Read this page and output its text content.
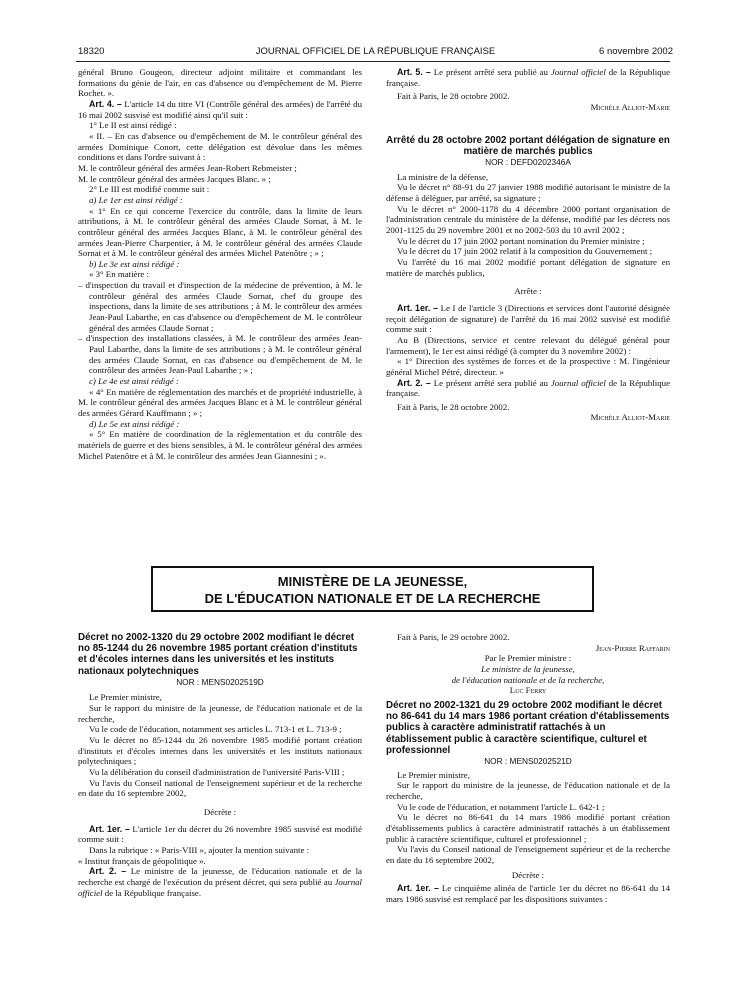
18320	JOURNAL OFFICIEL DE LA RÉPUBLIQUE FRANÇAISE	6 novembre 2002

général Bruno Gougeon, directeur adjoint militaire et commandant les formations du génie de l'air, en cas d'absence ou d'empêchement de M. Pierre Rochet. ».

Art. 4. – L'article 14 du titre VI (Contrôle général des armées) de l'arrêté du 16 mai 2002 susvisé est modifié ainsi qu'il suit :

1° Le II est ainsi rédigé :

« II. – En cas d'absence ou d'empêchement de M. le contrôleur général des armées Dominique Conort, cette délégation est dévolue dans les mêmes conditions et dans l'ordre suivant à :

M. le contrôleur général des armées Jean-Robert Rebmeister ;

M. le contrôleur général des armées Jacques Blanc. » ;

2° Le III est modifié comme suit :

a) Le 1er est ainsi rédigé :

« 1° En ce qui concerne l'exercice du contrôle, dans la limite de leurs attributions, à M. le contrôleur général des armées Claude Sornat, à M. le contrôleur général des armées Jacques Blanc, à M. le contrôleur général des armées Jean-Pierre Charpentier, à M. le contrôleur général des armées Claude Sornat et à M. le contrôleur général des armées Michel Patenôtre ; » ;

b) Le 3e est ainsi rédigé :

« 3° En matière :

– d'inspection du travail et d'inspection de la médecine de prévention, à M. le contrôleur général des armées Claude Sornat, chef du groupe des inspections, dans la limite de ses attributions ; à M. le contrôleur des armées Jean-Paul Labarthe, en cas d'absence ou d'empêchement de M. le contrôleur général des armées Claude Sornat ;

– d'inspection des installations classées, à M. le contrôleur des armées Jean-Paul Labarthe, dans la limite de ses attributions ; à M. le contrôleur général des armées Claude Sornat, en cas d'absence ou d'empêchement de M. le contrôleur des armées Jean-Paul Labarthe ; » ;

c) Le 4e est ainsi rédigé :

« 4° En matière de réglementation des marchés et de propriété industrielle, à M. le contrôleur général des armées Jacques Blanc et à M. le contrôleur général des armées Gérard Kauffmann ; » ;

d) Le 5e est ainsi rédigé :

« 5° En matière de coordination de la réglementation et du contrôle des matériels de guerre et des biens sensibles, à M. le contrôleur général des armées Michel Patenôtre et à M. le contrôleur des armées Jean Giannesini ; ».

Art. 5. – Le présent arrêté sera publié au Journal officiel de la République française.

Fait à Paris, le 28 octobre 2002.

Michèle Alliot-Marie

Arrêté du 28 octobre 2002 portant délégation de signature en matière de marchés publics

NOR : DEFD0202346A

La ministre de la défense,

Vu le décret n° 88-91 du 27 janvier 1988 modifié autorisant le ministre de la défense à déléguer, par arrêté, sa signature ;

Vu le décret n° 2000-1178 du 4 décembre 2000 portant organisation de l'administration centrale du ministère de la défense, modifié par les décrets nos 2001-1125 du 29 novembre 2001 et no 2002-503 du 10 avril 2002 ;

Vu le décret du 17 juin 2002 portant nomination du Premier ministre ;

Vu le décret du 17 juin 2002 relatif à la composition du Gouvernement ;

Vu l'arrêté du 16 mai 2002 modifié portant délégation de signature en matière de marchés publics,

Arrête :

Art. 1er. – Le I de l'article 3 (Directions et services dont l'autorité désignée reçoit délégation de signature) de l'arrêté du 16 mai 2002 susvisé est modifié comme suit :

Au B (Directions, service et centre relevant du délégué général pour l'armement), le 1er est ainsi rédigé (à compter du 3 novembre 2002) :

« 1° Direction des systèmes de forces et de la prospective : M. l'ingénieur général Michel Pétré, directeur. »

Art. 2. – Le présent arrêté sera publié au Journal officiel de la République française.

Fait à Paris, le 28 octobre 2002.

Michèle Alliot-Marie

MINISTÈRE DE LA JEUNESSE,
DE L'ÉDUCATION NATIONALE ET DE LA RECHERCHE

Décret no 2002-1320 du 29 octobre 2002 modifiant le décret no 85-1244 du 26 novembre 1985 portant création d'instituts et d'écoles internes dans les universités et les instituts nationaux polytechniques

NOR : MENS0202519D

Le Premier ministre,

Sur le rapport du ministre de la jeunesse, de l'éducation nationale et de la recherche,

Vu le code de l'éducation, notamment ses articles L. 713-1 et L. 713-9 ;

Vu le décret no 85-1244 du 26 novembre 1985 modifié portant création d'instituts et d'écoles internes dans les universités et les instituts nationaux polytechniques ;

Vu la délibération du conseil d'administration de l'université Paris-VIII ;

Vu l'avis du Conseil national de l'enseignement supérieur et de la recherche en date du 16 septembre 2002,

Décrète :

Art. 1er. – L'article 1er du décret du 26 novembre 1985 susvisé est modifié comme suit :

Dans la rubrique : « Paris-VIII », ajouter la mention suivante :

« Institut français de géopolitique ».

Art. 2. – Le ministre de la jeunesse, de l'éducation nationale et de la recherche est chargé de l'exécution du présent décret, qui sera publié au Journal officiel de la République française.

Fait à Paris, le 29 octobre 2002.

Jean-Pierre Raffarin

Par le Premier ministre :

Le ministre de la jeunesse,

de l'éducation nationale et de la recherche,

Luc Ferry

Décret no 2002-1321 du 29 octobre 2002 modifiant le décret no 86-641 du 14 mars 1986 portant création d'établissements publics à caractère administratif rattachés à un établissement public à caractère scientifique, culturel et professionnel

NOR : MENS0202521D

Le Premier ministre,

Sur le rapport du ministre de la jeunesse, de l'éducation nationale et de la recherche,

Vu le code de l'éducation, et notamment l'article L. 642-1 ;

Vu le décret no 86-641 du 14 mars 1986 modifié portant création d'établissements publics à caractère administratif rattachés à un établissement public à caractère scientifique, culturel et professionnel ;

Vu l'avis du Conseil national de l'enseignement supérieur et de la recherche en date du 16 septembre 2002,

Décrète :

Art. 1er. – Le cinquième alinéa de l'article 1er du décret no 86-641 du 14 mars 1986 susvisé est remplacé par les dispositions suivantes :
